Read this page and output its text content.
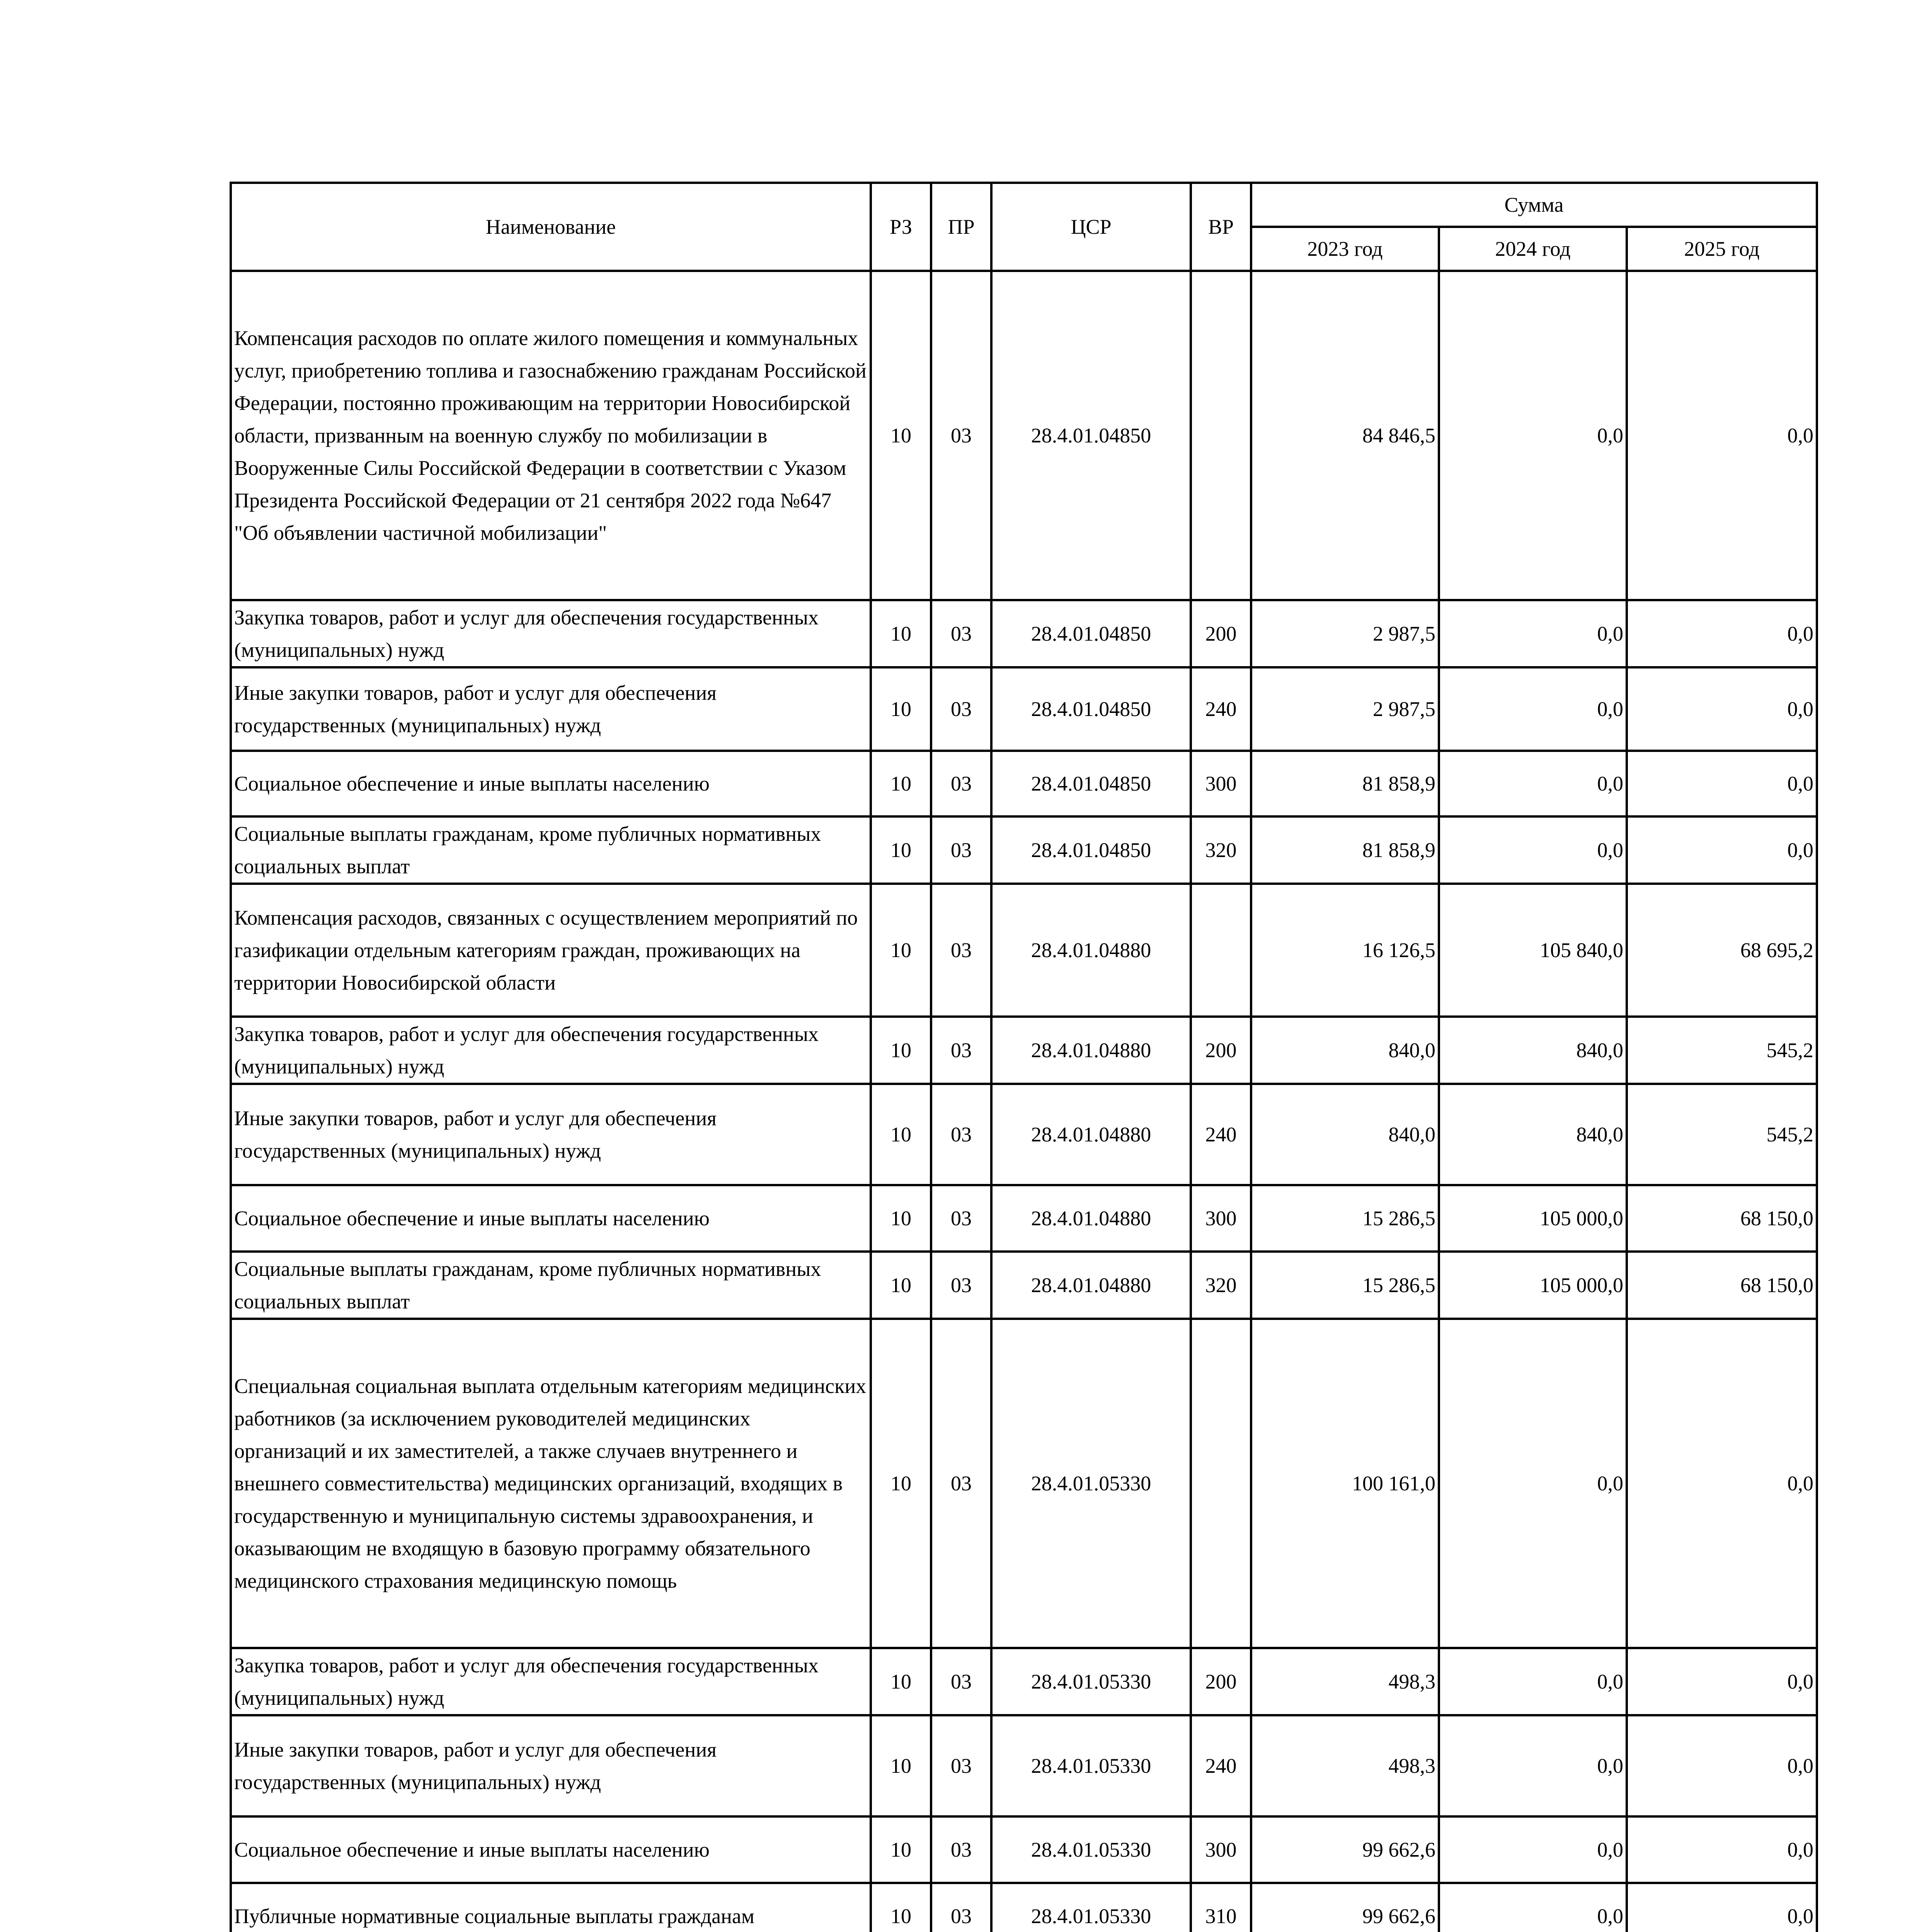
Наименование	РЗ	ПР	ЦСР	ВР	Сумма		
					2023 год	2024 год	2025 год
Компенсация расходов по оплате жилого помещения и коммунальных услуг, приобретению топлива и газоснабжению гражданам Российской Федерации, постоянно проживающим на территории Новосибирской области, призванным на военную службу по мобилизации в Вооруженные Силы Российской Федерации в соответствии с Указом Президента Российской Федерации от 21 сентября 2022 года №647 "Об объявлении частичной мобилизации"	10	03	28.4.01.04850		84 846,5	0,0	0,0
Закупка товаров, работ и услуг для обеспечения государственных (муниципальных) нужд	10	03	28.4.01.04850	200	2 987,5	0,0	0,0
Иные закупки товаров, работ и услуг для обеспечения государственных (муниципальных) нужд	10	03	28.4.01.04850	240	2 987,5	0,0	0,0
Социальное обеспечение и иные выплаты населению	10	03	28.4.01.04850	300	81 858,9	0,0	0,0
Социальные выплаты гражданам, кроме публичных нормативных социальных выплат	10	03	28.4.01.04850	320	81 858,9	0,0	0,0
Компенсация расходов, связанных с осуществлением мероприятий по газификации отдельным категориям граждан, проживающих на территории Новосибирской области	10	03	28.4.01.04880		16 126,5	105 840,0	68 695,2
Закупка товаров, работ и услуг для обеспечения государственных (муниципальных) нужд	10	03	28.4.01.04880	200	840,0	840,0	545,2
Иные закупки товаров, работ и услуг для обеспечения государственных (муниципальных) нужд	10	03	28.4.01.04880	240	840,0	840,0	545,2
Социальное обеспечение и иные выплаты населению	10	03	28.4.01.04880	300	15 286,5	105 000,0	68 150,0
Социальные выплаты гражданам, кроме публичных нормативных социальных выплат	10	03	28.4.01.04880	320	15 286,5	105 000,0	68 150,0
Специальная социальная выплата отдельным категориям медицинских работников (за исключением руководителей медицинских организаций и их заместителей, а также случаев внутреннего и внешнего совместительства) медицинских организаций, входящих в государственную и муниципальную системы здравоохранения, и оказывающим не входящую в базовую программу обязательного медицинского страхования медицинскую помощь	10	03	28.4.01.05330		100 161,0	0,0	0,0
Закупка товаров, работ и услуг для обеспечения государственных (муниципальных) нужд	10	03	28.4.01.05330	200	498,3	0,0	0,0
Иные закупки товаров, работ и услуг для обеспечения государственных (муниципальных) нужд	10	03	28.4.01.05330	240	498,3	0,0	0,0
Социальное обеспечение и иные выплаты населению	10	03	28.4.01.05330	300	99 662,6	0,0	0,0
Публичные нормативные социальные выплаты гражданам	10	03	28.4.01.05330	310	99 662,6	0,0	0,0
